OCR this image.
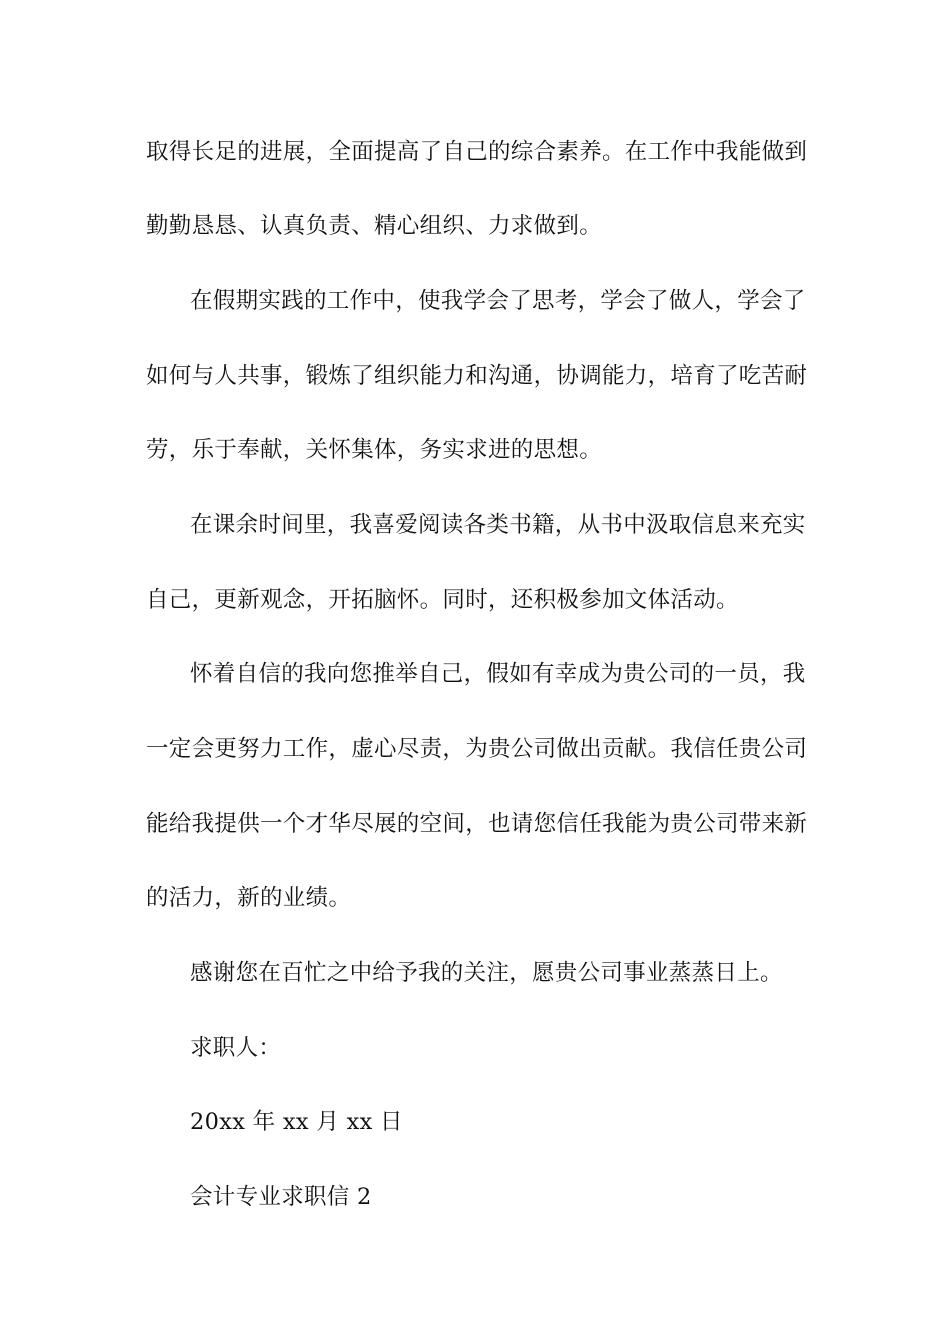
取得长足的进展，全面提高了自己的综合素养。在工作中我能做到
勤勤恳恳、认真负责、精心组织、力求做到。
在假期实践的工作中，使我学会了思考，学会了做人，学会了
如何与人共事，锻炼了组织能力和沟通，协调能力，培育了吃苦耐
劳，乐于奉献，关怀集体，务实求进的思想。
在课余时间里，我喜爱阅读各类书籍，从书中汲取信息来充实
自己，更新观念，开拓脑怀。同时，还积极参加文体活动。
怀着自信的我向您推举自己，假如有幸成为贵公司的一员，我
一定会更努力工作，虚心尽责，为贵公司做出贡献。我信任贵公司
能给我提供一个才华尽展的空间，也请您信任我能为贵公司带来新
的活力，新的业绩。
感谢您在百忙之中给予我的关注，愿贵公司事业蒸蒸日上。
求职人：
20xx 年 xx 月 xx 日
会计专业求职信 2
